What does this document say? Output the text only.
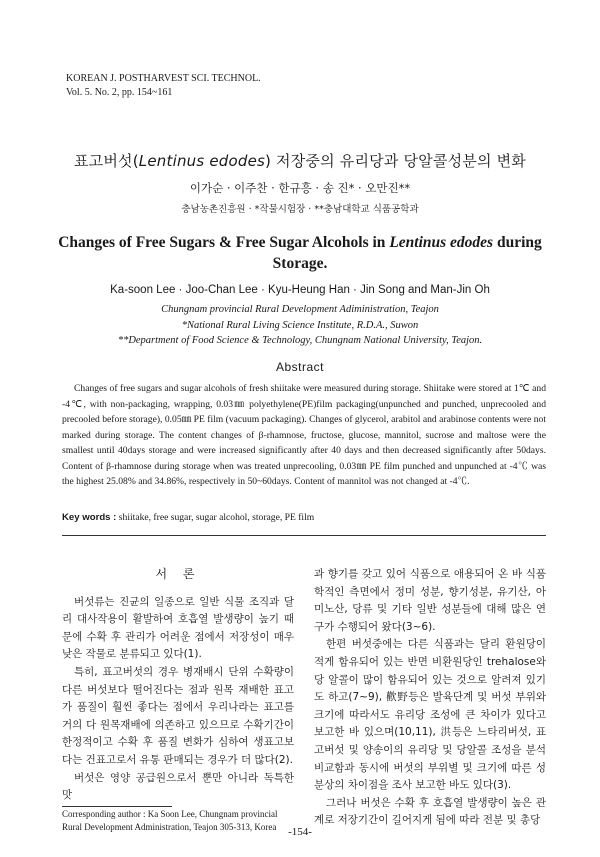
KOREAN J. POSTHARVEST SCI. TECHNOL.
Vol. 5. No. 2, pp. 154~161
표고버섯(Lentinus edodes) 저장중의 유리당과 당알콜성분의 변화
이가순 · 이주찬 · 한규흥 · 송 진* · 오만진**
충남농촌진흥원 · *작물시험장 · **충남대학교 식품공학과
Changes of Free Sugars & Free Sugar Alcohols in Lentinus edodes during Storage.
Ka-soon Lee · Joo-Chan Lee · Kyu-Heung Han · Jin Song and Man-Jin Oh
Chungnam provincial Rural Development Adiministration, Teajon
*National Rural Living Science Institute, R.D.A., Suwon
**Department of Food Science & Technology, Chungnam National University, Teajon.
Abstract
Changes of free sugars and sugar alcohols of fresh shiitake were measured during storage. Shiitake were stored at 1℃ and -4℃, with non-packaging, wrapping, 0.03㎜ polyethylene(PE)film packaging(unpunched and punched, unprecooled and precooled before storage), 0.05㎜ PE film (vacuum packaging). Changes of glycerol, arabitol and arabinose contents were not marked during storage. The content changes of β-rhamnose, fructose, glucose, mannitol, sucrose and maltose were the smallest until 40days storage and were increased significantly after 40 days and then decreased significantly after 50days. Content of β-rhamnose during storage when was treated unprecooling, 0.03㎜ PE film punched and unpunched at -4℃ was the highest 25.08% and 34.86%, respectively in 50~60days. Content of mannitol was not changed at -4℃.
Key words : shiitake, free sugar, sugar alcohol, storage, PE film

서 론

버섯류는 진균의 일종으로 일반 식물 조직과 달리 대사작용이 활발하여 호흡열 발생량이 높기 때문에 수확 후 관리가 어려운 점에서 저장성이 매우 낮은 작물로 분류되고 있다(1).

특히, 표고버섯의 경우 병재배시 단위 수확량이 다른 버섯보다 떨어진다는 점과 원목 재배한 표고가 품질이 훨씬 좋다는 점에서 우리나라는 표고를 거의 다 원목재배에 의존하고 있으므로 수확기간이 한정적이고 수확 후 품질 변화가 심하여 생표고보다는 건표고로서 유통 판매되는 경우가 더 많다(2).

버섯은 영양 공급원으로서 뿐만 아니라 독특한 맛

과 향기를 갖고 있어 식품으로 애용되어 온 바 식품학적인 측면에서 정미 성분, 향기성분, 유기산, 아미노산, 당류 및 기타 일반 성분들에 대해 많은 연구가 수행되어 왔다(3~6).

한편 버섯중에는 다른 식품과는 달리 환원당이 적게 함유되어 있는 반면 비환원당인 trehalose와 당 알콜이 많이 함유되어 있는 것으로 알려져 있기도 하고(7~9), 歡野등은 발육단계 및 버섯 부위와 크기에 따라서도 유리당 조성에 큰 차이가 있다고 보고한 바 있으며(10,11), 洪등은 느타리버섯, 표고버섯 및 양송이의 유리당 및 당알콜 조성을 분석 비교함과 동시에 버섯의 부위별 및 크기에 따른 성분상의 차이점을 조사 보고한 바도 있다(3).

그러나 버섯은 수확 후 호흡열 발생량이 높은 관계로 저장기간이 길어지게 됨에 따라 전분 및 총당

Corresponding author : Ka Soon Lee, Chungnam provincial
Rural Development Administration, Teajon 305-313, Korea	-154-
